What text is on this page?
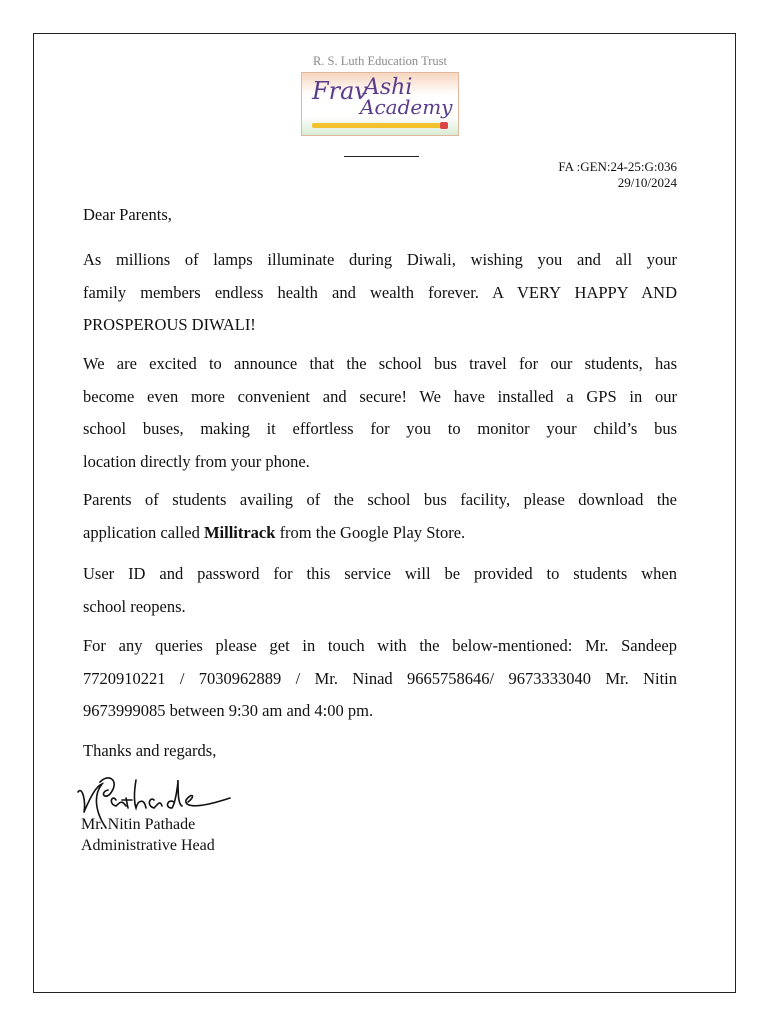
R. S. Luth Education Trust
Frav
Ashi
Academy
FA :GEN:24-25:G:036
29/10/2024
Dear Parents,
As millions of lamps illuminate during Diwali, wishing you and all your
family members endless health and wealth forever. A VERY HAPPY AND
PROSPEROUS DIWALI!
We are excited to announce that the school bus travel for our students, has
become even more convenient and secure! We have installed a GPS in our
school buses, making it effortless for you to monitor your child’s bus
location directly from your phone.
Parents of students availing of the school bus facility, please download the
application called Millitrack from the Google Play Store.
User ID and password for this service will be provided to students when
school reopens.
For any queries please get in touch with the below-mentioned: Mr. Sandeep
7720910221 / 7030962889 / Mr. Ninad 9665758646/ 9673333040 Mr. Nitin
9673999085 between 9:30 am and 4:00 pm.
Thanks and regards,
Mr. Nitin Pathade
Administrative Head
